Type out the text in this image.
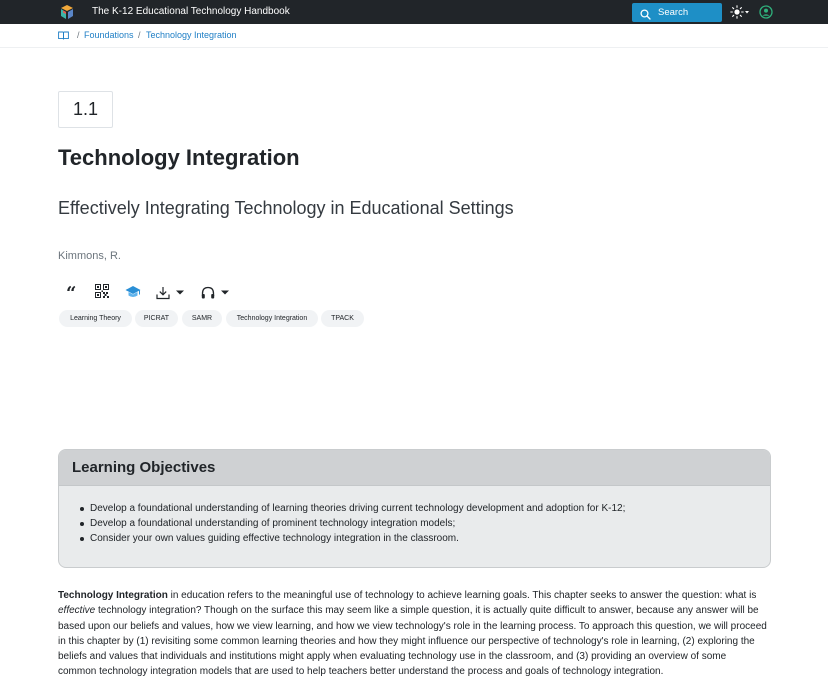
The K-12 Educational Technology Handbook	Search
/ Foundations / Technology Integration
1.1
Technology Integration
Effectively Integrating Technology in Educational Settings
Kimmons, R.
“
Learning Theory	PICRAT	SAMR	Technology Integration	TPACK
Learning Objectives
Develop a foundational understanding of learning theories driving current technology development and adoption for K-12;
Develop a foundational understanding of prominent technology integration models;
Consider your own values guiding effective technology integration in the classroom.
Technology Integration in education refers to the meaningful use of technology to achieve learning goals. This chapter seeks to answer the question: what is
effective technology integration? Though on the surface this may seem like a simple question, it is actually quite difficult to answer, because any answer will be
based upon our beliefs and values, how we view learning, and how we view technology's role in the learning process. To approach this question, we will proceed
in this chapter by (1) revisiting some common learning theories and how they might influence our perspective of technology's role in learning, (2) exploring the
beliefs and values that individuals and institutions might apply when evaluating technology use in the classroom, and (3) providing an overview of some
common technology integration models that are used to help teachers better understand the process and goals of technology integration.
